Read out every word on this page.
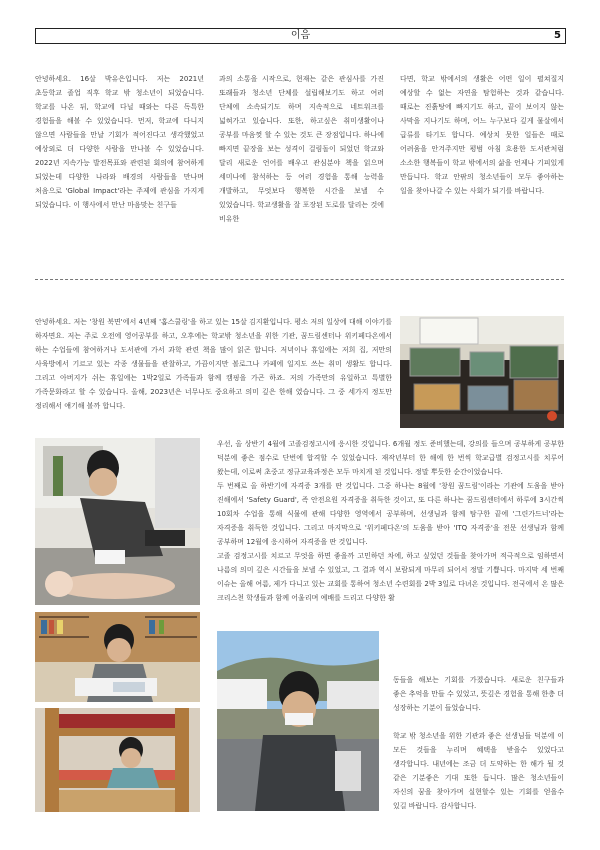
이음	5

안녕하세요. 16살 박유은입니다. 저는 2021년 초등학교 졸업 직후 학교 밖 청소년이 되었습니다. 학교를 나온 뒤, 학교에 다닐 때와는 다른 독특한 경험들을 해볼 수 있었습니다. 먼저, 학교에 다니지 않으면 사람들을 만날 기회가 적어진다고 생각했었고 예상외로 더 다양한 사람을 만나볼 수 있었습니다. 2022년 지속가능 발전목표와 관련된 회의에 참여하게 되었는데 다양한 나라와 배경의 사람들을 만나며 처음으로 'Global Impact'라는 주제에 관심을 가지게 되었습니다. 이 행사에서 만난 마음맞는 친구들

과의 소통을 시작으로, 현재는 같은 관심사를 가진 또래들과 청소년 단체를 설립해보기도 하고 여러 단체에 소속되기도 하며 지속적으로 네트워크를 넓혀가고 있습니다. 또한, 하고싶은 취미생활이나 공부를 마음껏 할 수 있는 것도 큰 장점입니다. 하나에 빠지면 끝장을 보는 성격이 걸림돌이 되었던 학교와 달리 새로운 언어를 배우고 관심분야 책을 읽으며 세미나에 참석하는 등 여러 경험을 통해 능력을 개발하고, 무엇보다 행복한 시간을 보낼 수 있었습니다. 학교생활을 잘 포장된 도로를 달리는 것에 비유한

다면, 학교 밖에서의 생활은 어떤 일이 펼쳐질지 예상할 수 없는 자연을 탐험하는 것과 같습니다. 때로는 진흙탕에 빠지기도 하고, 끝이 보이지 않는 사막을 지나기도 하며, 어느 누구보다 깊게 물살에서 급류를 타기도 합니다. 예상치 못한 일들은 때로 어려움을 안겨주지만 평범 아침 흐용한 도서관처럼 소소한 행복들이 학교 밖에서의 삶을 언제나 기피있게 만듭니다. 학교 안팎의 청소년들이 모두 좋아하는 일을 찾아나갈 수 있는 사회가 되기를 바랍니다.

안녕하세요. 저는 '창원 북면'에서 4년째 '홈스쿨링'을 하고 있는 15살 김지환입니다. 평소 저의 일상에 대해 이야기를 하자면요. 저는 주로 오전에 영어공부를 하고, 오후에는 학교밖 청소년을 위한 기관, 꿈드림센터나 위키페다온에서 하는 수업들에 참여하거나 도서관에 가서 과학 관련 책을 많이 읽곤 합니다. 저녁이나 휴일에는 저희 집, 저만의 사육방에서 기르고 있는 각종 생물들을 관찰하고, 가끔이지만 볼로그나 카페에 일지도 쓰는 취미 생활도 합니다. 그리고 아버지가 쉬는 휴일에는 1박2일로 가족들과 함께 캠핑을 가곤 하죠. 저의 가족만의 유일하고 특별한 가족문화라고 할 수 있습니다. 올해, 2023년은 너무나도 중요하고 의미 깊은 한해 였습니다. 그 중 세가지 정도만 정리해서 얘기해 볼까 합니다.

우선, 올 상반기 4월에 고졸검정고시에 응시한 것입니다. 6개월 정도 준비했는데, 강의를 들으며 공부하게 공부한 덕분에 좋은 점수로 단번에 합격할 수 있었습니다. 재작년부터 한 해에 한 번씩 학교급별 검정고시를 치루어 왔는데, 이로써 초중고 정규교육과정은 모두 마치게 된 것입니다. 정말 뿌듯한 순간이었습니다.

두 번째로 올 하반기에 자격증 3개를 딴 것입니다. 그중 하나는 8월에 '창원 꿈드림'이라는 기관에 도움을 받아 진해에서 'Safety Guard', 즉 안전요원 자격증을 취득한 것이고, 또 다른 하나는 꿈드림센터에서 하루에 3시간씩 10회차 수업을 통해 식물에 관해 다양한 영역에서 공부하며, 선생님과 함께 탐구한 끝에 '그린가드너'라는 자격증을 취득한 것입니다. 그리고 마지막으로 '위키페다온'의 도움을 받아 'ITQ 자격증'을 전문 선생님과 함께 공부하며 12월에 응시하여 자격증을 딴 것입니다.

고졸 검정고시를 치르고 무엇을 하면 좋을까 고민하던 차에, 하고 싶었던 것들을 찾아가며 적극적으로 임하면서 나름의 의미 깊은 시간들을 보낼 수 있었고, 그 결과 역시 보람되게 마무리 되어서 정말 기쁩니다. 마지막 세 번째 이슈는 올해 여름, 제가 다니고 있는 교회를 통하여 청소년 수련회를 2박 3일로 다녀온 것입니다. 전국에서 온 많은 크리스천 학생들과 함께 어울리며 예배를 드리고 다양한 활

동들을 해보는 기회를 가졌습니다. 새로운 친구들과 좋은 추억을 만들 수 있었고, 뜻깊은 경험을 통해 한층 더 성장하는 기분이 들었습니다.

학교 밖 청소년을 위한 기관과 좋은 선생님들 덕분에 이 모든 것들을 누리며 혜택을 받을수 있었다고 생각합니다. 내년에는 조금 더 도약하는 한 해가 될 것 같은 기분좋은 기대 또한 듭니다. 많은 청소년들이 자신의 꿈을 찾아가며 실현할수 있는 기회를 얻을수 있길 바랍니다. 감사합니다.
